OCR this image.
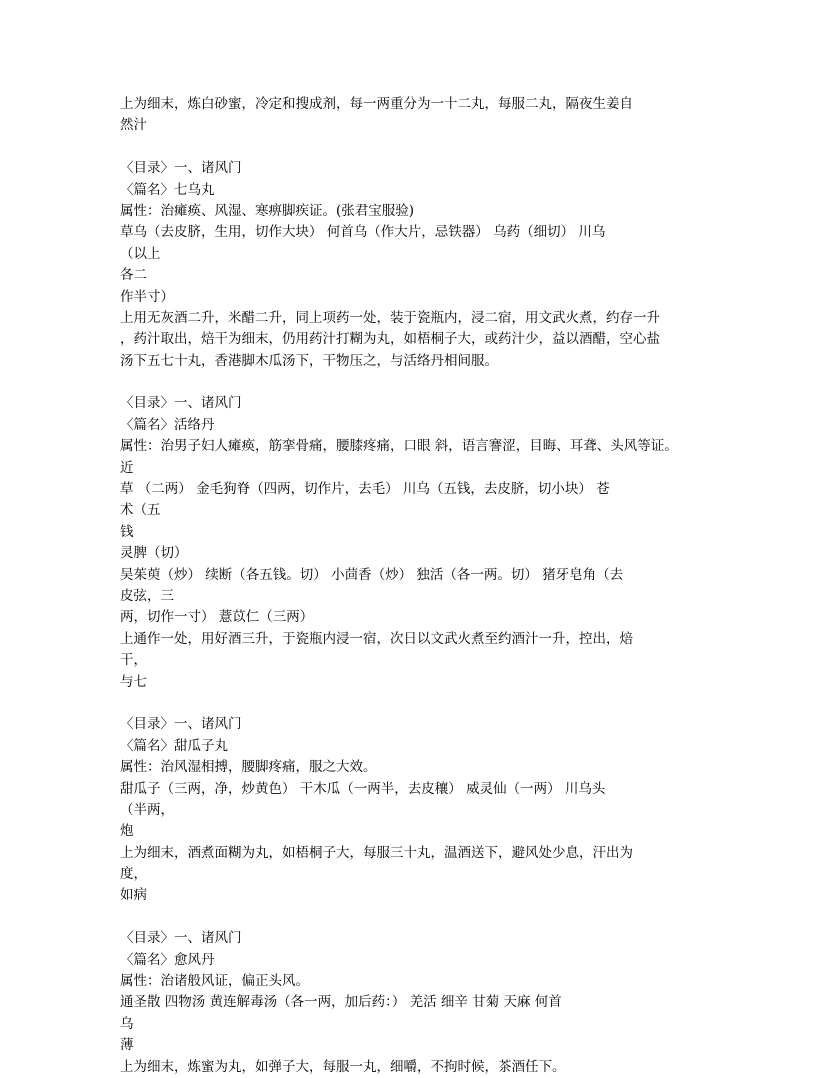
上为细末，炼白砂蜜，冷定和搜成剂，每一两重分为一十二丸，每服二丸，隔夜生姜自
然汁
〈目录〉一、诸风门
〈篇名〉七乌丸
属性：治瘫痪、风湿、寒痹脚疾证。(张君宝服验)
草乌（去皮脐，生用，切作大块） 何首乌（作大片，忌铁器） 乌药（细切） 川乌
（以上
各二
作半寸）
上用无灰酒二升，米醋二升，同上项药一处，装于瓷瓶内，浸二宿，用文武火煮，约存一升
，药汁取出，焙干为细末，仍用药汁打糊为丸，如梧桐子大，或药汁少，益以酒醋，空心盐
汤下五七十丸，香港脚木瓜汤下，干物压之，与活络丹相间服。
〈目录〉一、诸风门
〈篇名〉活络丹
属性：治男子妇人瘫痪，筋挛骨痛，腰膝疼痛，口眼 斜，语言謇涩，目晦、耳聋、头风等证。
近
草 （二两） 金毛狗脊（四两，切作片，去毛） 川乌（五钱，去皮脐，切小块） 苍
术（五
钱
灵脾（切）
吴茱萸（炒） 续断（各五钱。切） 小茴香（炒） 独活（各一两。切） 猪牙皂角（去
皮弦，三
两，切作一寸） 薏苡仁（三两）
上通作一处，用好酒三升，于瓷瓶内浸一宿，次日以文武火煮至约酒汁一升，控出，焙
干，
与七
〈目录〉一、诸风门
〈篇名〉甜瓜子丸
属性：治风湿相搏，腰脚疼痛，服之大效。
甜瓜子（三两，净，炒黄色） 干木瓜（一两半，去皮穰） 威灵仙（一两） 川乌头
（半两，
炮
上为细末，酒煮面糊为丸，如梧桐子大，每服三十丸，温酒送下，避风处少息，汗出为
度，
如病
〈目录〉一、诸风门
〈篇名〉愈风丹
属性：治诸般风证，偏正头风。
通圣散 四物汤 黄连解毒汤（各一两，加后药：） 羌活 细辛 甘菊 天麻 何首
乌
薄
上为细末，炼蜜为丸，如弹子大，每服一丸，细嚼，不拘时候，茶酒任下。
